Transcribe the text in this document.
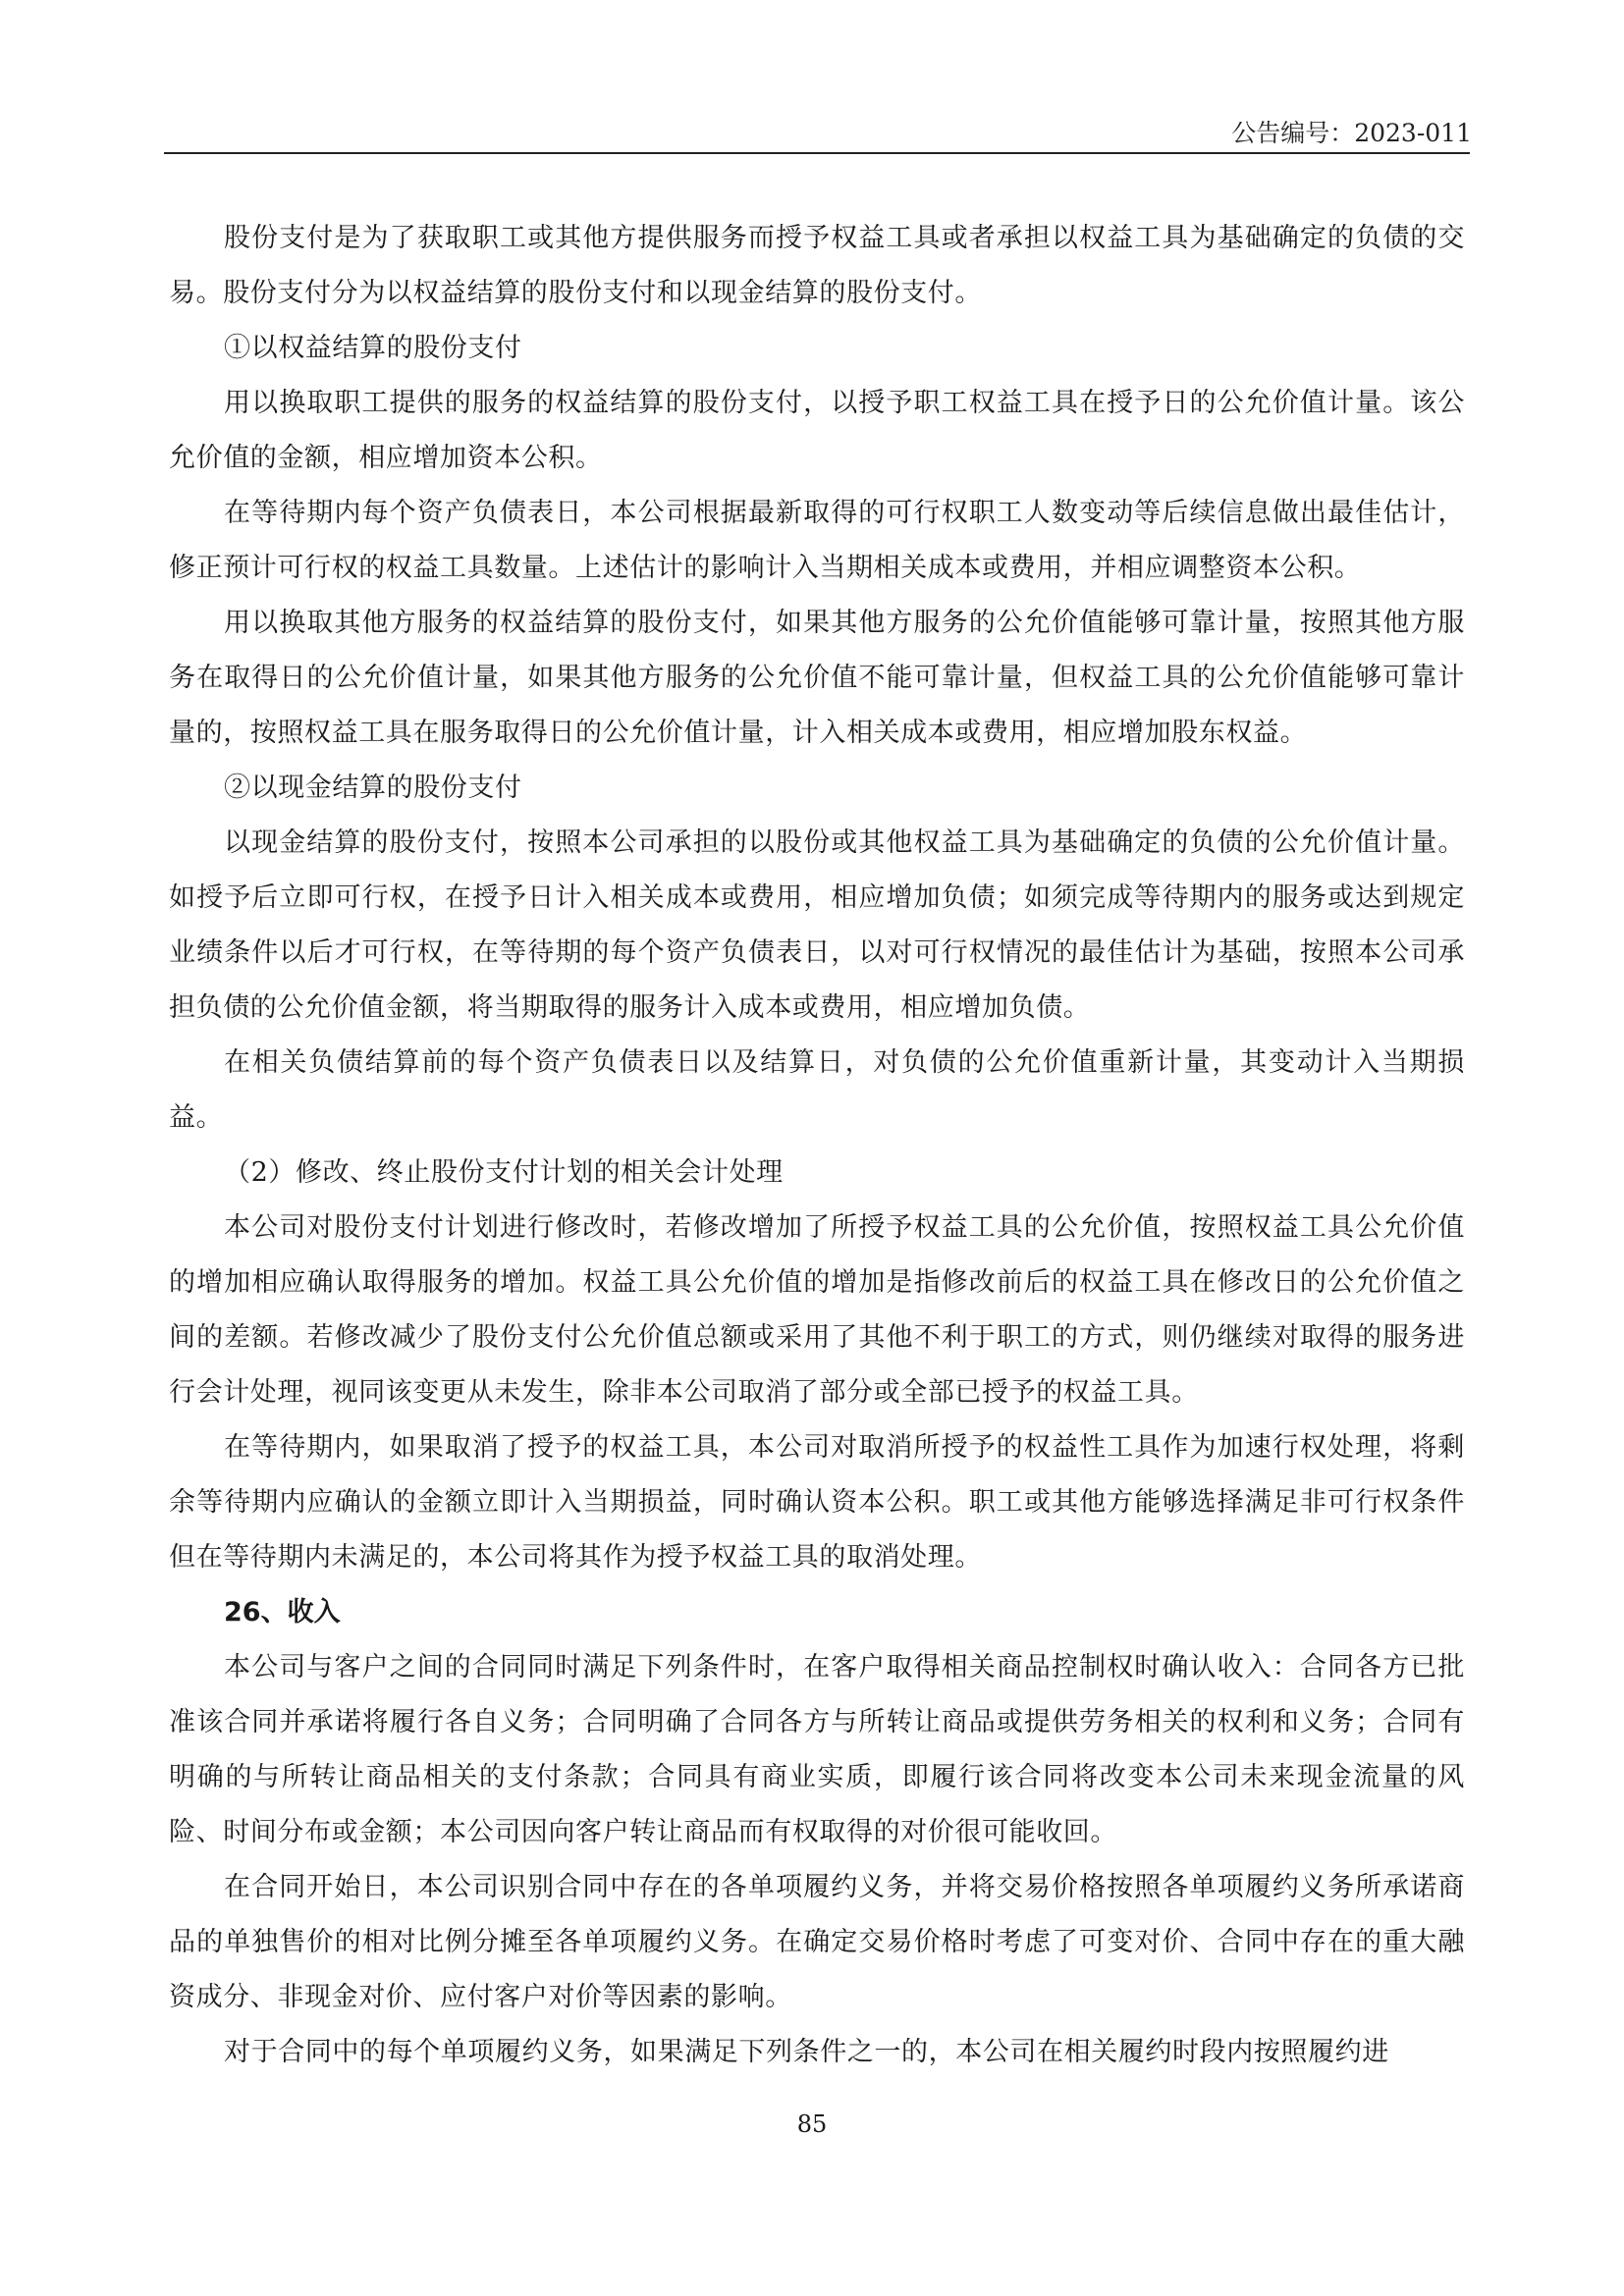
公告编号：2023-011

股份支付是为了获取职工或其他方提供服务而授予权益工具或者承担以权益工具为基础确定的负债的交易。股份支付分为以权益结算的股份支付和以现金结算的股份支付。

①以权益结算的股份支付

用以换取职工提供的服务的权益结算的股份支付，以授予职工权益工具在授予日的公允价值计量。该公允价值的金额，相应增加资本公积。

在等待期内每个资产负债表日，本公司根据最新取得的可行权职工人数变动等后续信息做出最佳估计，修正预计可行权的权益工具数量。上述估计的影响计入当期相关成本或费用，并相应调整资本公积。

用以换取其他方服务的权益结算的股份支付，如果其他方服务的公允价值能够可靠计量，按照其他方服务在取得日的公允价值计量，如果其他方服务的公允价值不能可靠计量，但权益工具的公允价值能够可靠计量的，按照权益工具在服务取得日的公允价值计量，计入相关成本或费用，相应增加股东权益。

②以现金结算的股份支付

以现金结算的股份支付，按照本公司承担的以股份或其他权益工具为基础确定的负债的公允价值计量。如授予后立即可行权，在授予日计入相关成本或费用，相应增加负债；如须完成等待期内的服务或达到规定业绩条件以后才可行权，在等待期的每个资产负债表日，以对可行权情况的最佳估计为基础，按照本公司承担负债的公允价值金额，将当期取得的服务计入成本或费用，相应增加负债。

在相关负债结算前的每个资产负债表日以及结算日，对负债的公允价值重新计量，其变动计入当期损益。

（2）修改、终止股份支付计划的相关会计处理

本公司对股份支付计划进行修改时，若修改增加了所授予权益工具的公允价值，按照权益工具公允价值的增加相应确认取得服务的增加。权益工具公允价值的增加是指修改前后的权益工具在修改日的公允价值之间的差额。若修改减少了股份支付公允价值总额或采用了其他不利于职工的方式，则仍继续对取得的服务进行会计处理，视同该变更从未发生，除非本公司取消了部分或全部已授予的权益工具。

在等待期内，如果取消了授予的权益工具，本公司对取消所授予的权益性工具作为加速行权处理，将剩余等待期内应确认的金额立即计入当期损益，同时确认资本公积。职工或其他方能够选择满足非可行权条件但在等待期内未满足的，本公司将其作为授予权益工具的取消处理。

26、收入

本公司与客户之间的合同同时满足下列条件时，在客户取得相关商品控制权时确认收入：合同各方已批准该合同并承诺将履行各自义务；合同明确了合同各方与所转让商品或提供劳务相关的权利和义务；合同有明确的与所转让商品相关的支付条款；合同具有商业实质，即履行该合同将改变本公司未来现金流量的风险、时间分布或金额；本公司因向客户转让商品而有权取得的对价很可能收回。

在合同开始日，本公司识别合同中存在的各单项履约义务，并将交易价格按照各单项履约义务所承诺商品的单独售价的相对比例分摊至各单项履约义务。在确定交易价格时考虑了可变对价、合同中存在的重大融资成分、非现金对价、应付客户对价等因素的影响。

对于合同中的每个单项履约义务，如果满足下列条件之一的，本公司在相关履约时段内按照履约进

85
